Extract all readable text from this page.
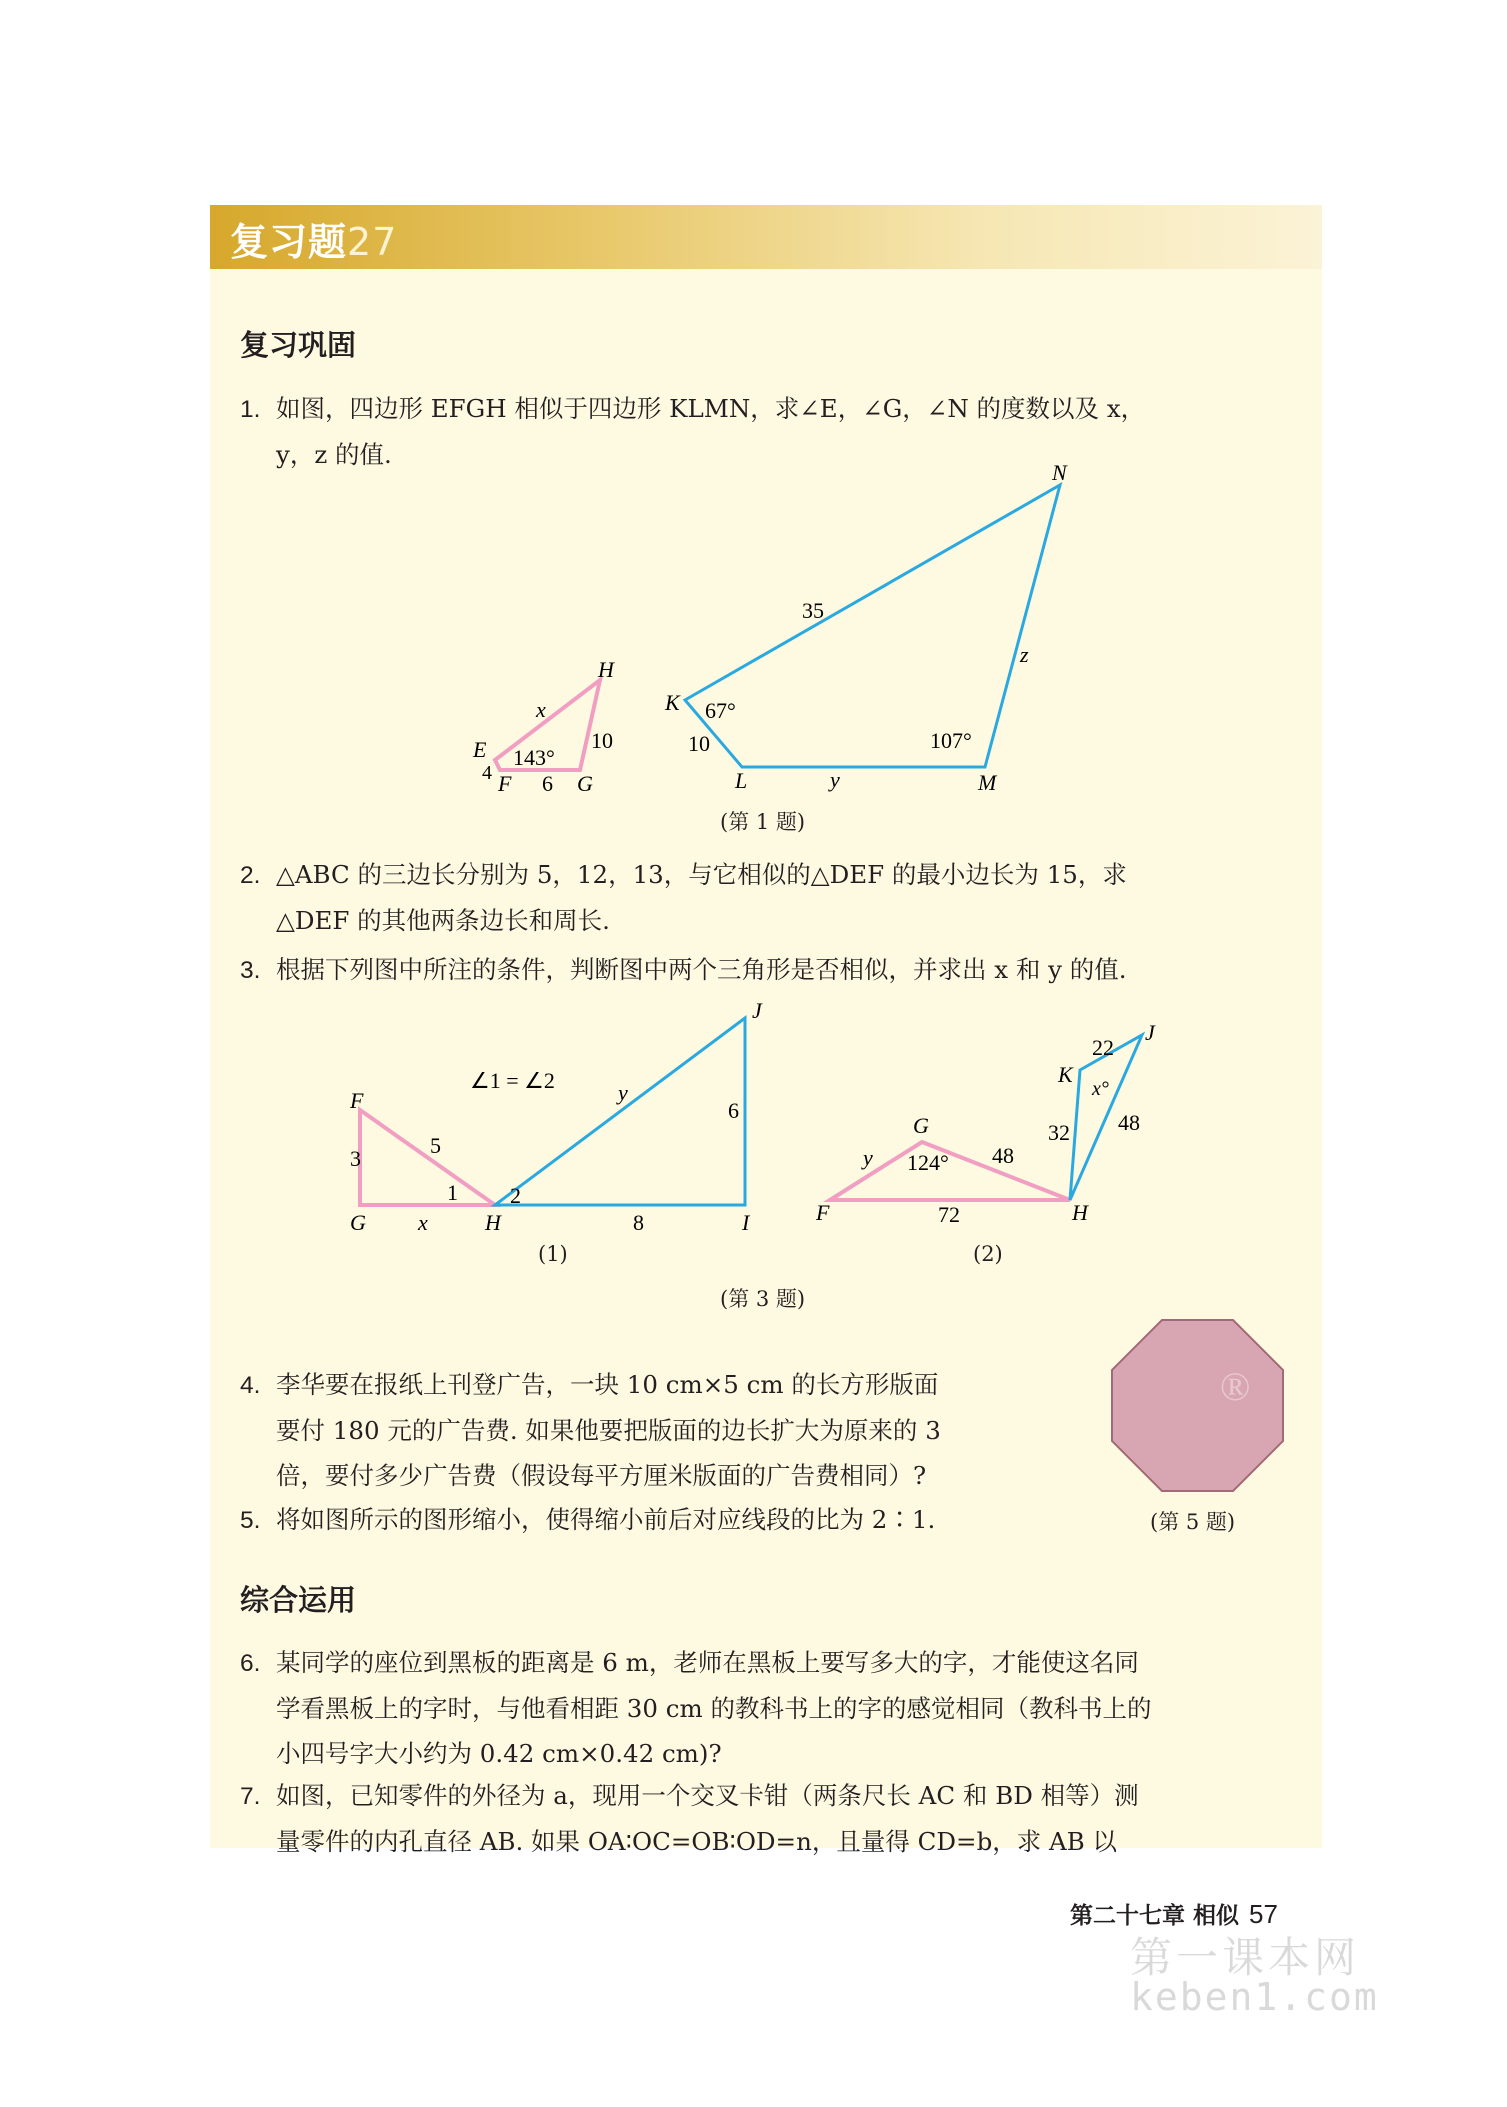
复习题27
复习巩固
1. 如图，四边形 EFGH 相似于四边形 KLMN，求∠E，∠G，∠N 的度数以及 x，
y，z 的值.
H
E
F	G
x
10
143°
4 6
K 67°
10
L	y
107°
M
z
N
35
(第 1 题)
2. △ABC 的三边长分别为 5，12，13，与它相似的△DEF 的最小边长为 15，求
△DEF 的其他两条边长和周长.
3. 根据下列图中所注的条件，判断图中两个三角形是否相似，并求出 x 和 y 的值.
F
G	H	I
J
3
5
x
1 2
8
6
y
∠1 = ∠2
(1)
F
G
H
K
J
y 124° 48
72
32 48
22
x°
(2)
(第 3 题)
4. 李华要在报纸上刊登广告，一块 10 cm×5 cm 的长方形版面
要付 180 元的广告费. 如果他要把版面的边长扩大为原来的 3
倍，要付多少广告费（假设每平方厘米版面的广告费相同）?
5. 将如图所示的图形缩小，使得缩小前后对应线段的比为 2∶1.
®
(第 5 题)
综合运用
6. 某同学的座位到黑板的距离是 6 m，老师在黑板上要写多大的字，才能使这名同
学看黑板上的字时，与他看相距 30 cm 的教科书上的字的感觉相同（教科书上的
小四号字大小约为 0.42 cm×0.42 cm)?
7. 如图，已知零件的外径为 a，现用一个交叉卡钳（两条尺长 AC 和 BD 相等）测
量零件的内孔直径 AB. 如果 OA∶OC=OB∶OD=n，且量得 CD=b，求 AB 以
第二十七章 相似 57
第一课本网
keben1.com
